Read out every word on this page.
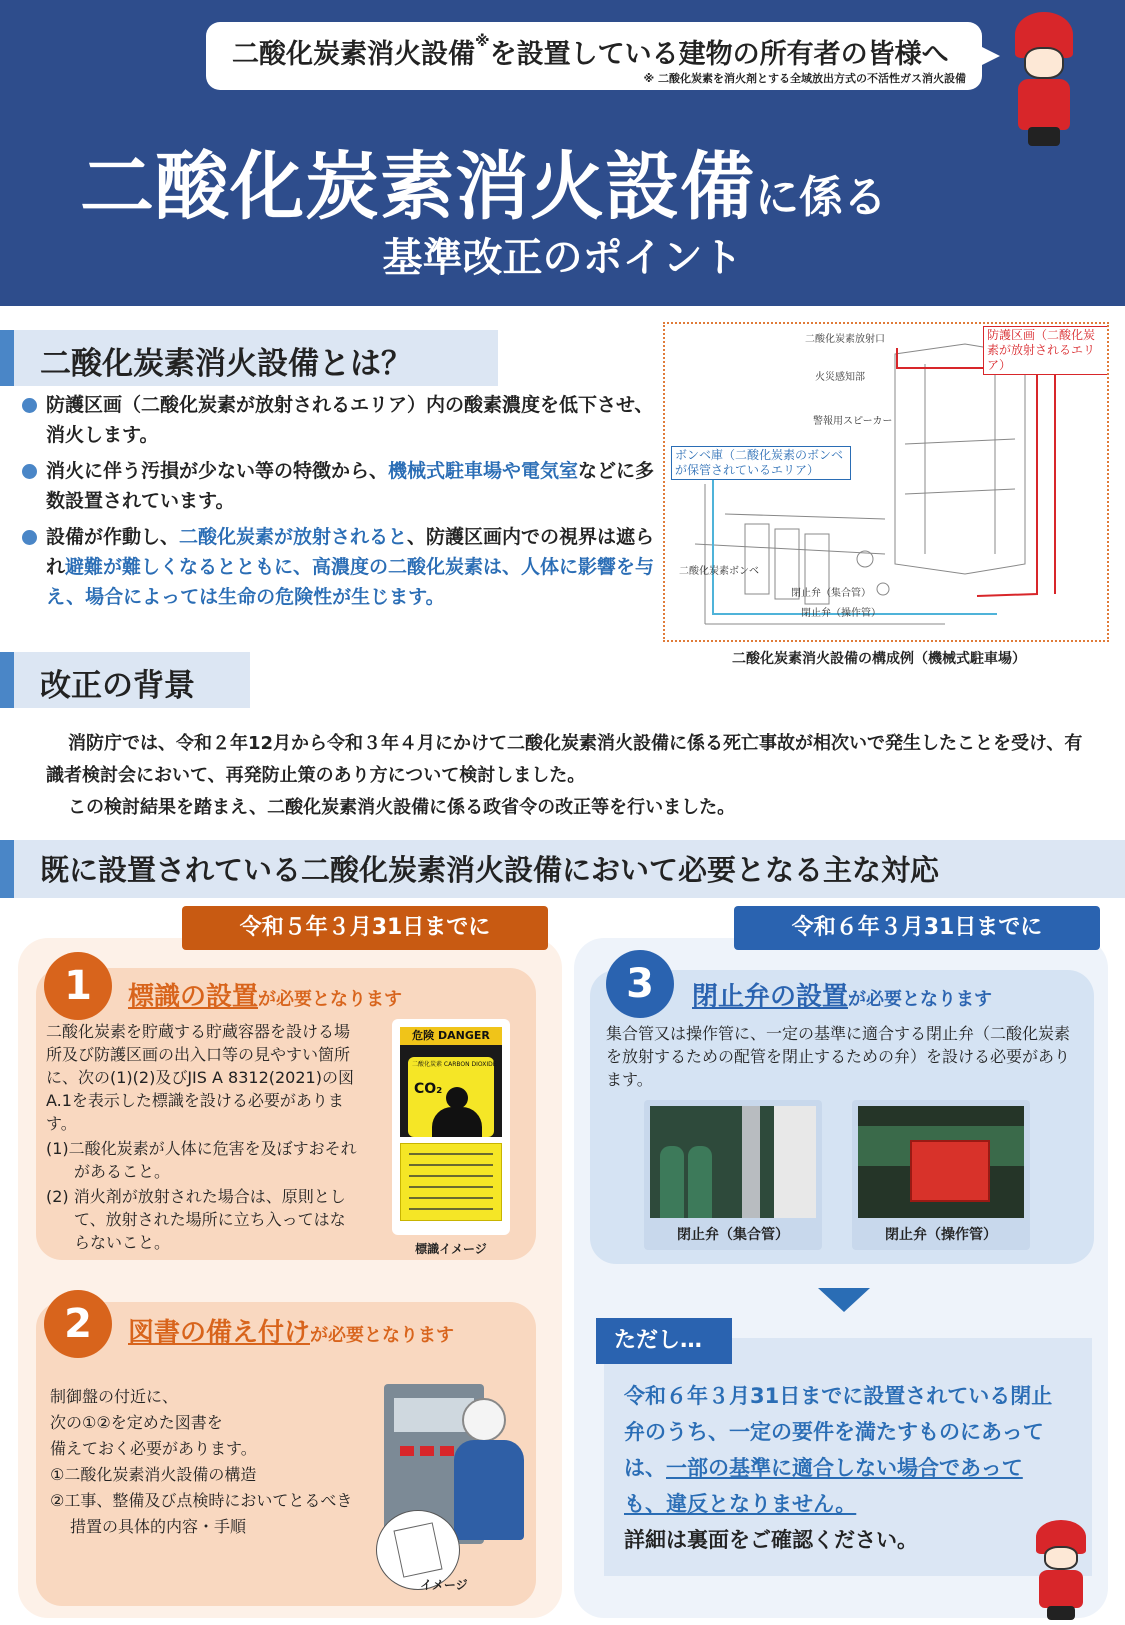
二酸化炭素消火設備※を設置している建物の所有者の皆様へ
※ 二酸化炭素を消火剤とする全域放出方式の不活性ガス消火設備
二酸化炭素消火設備に係る
基準改正のポイント
二酸化炭素消火設備とは？
防護区画（二酸化炭素が放射されるエリア）内の酸素濃度を低下させ、消火します。
消火に伴う汚損が少ない等の特徴から、機械式駐車場や電気室などに多数設置されています。
設備が作動し、二酸化炭素が放射されると、防護区画内での視界は遮られ避難が難しくなるとともに、高濃度の二酸化炭素は、人体に影響を与え、場合によっては生命の危険性が生じます。
二酸化炭素放射口
火災感知部
警報用スピーカー
二酸化炭素ボンベ
閉止弁（集合管）
閉止弁（操作管）
防護区画（二酸化炭素が放射されるエリア）
ボンベ庫（二酸化炭素のボンベが保管されているエリア）
二酸化炭素消火設備の構成例（機械式駐車場）
改正の背景

消防庁では、令和２年12月から令和３年４月にかけて二酸化炭素消火設備に係る死亡事故が相次いで発生したことを受け、有識者検討会において、再発防止策のあり方について検討しました。

この検討結果を踏まえ、二酸化炭素消火設備に係る政省令の改正等を行いました。

既に設置されている二酸化炭素消火設備において必要となる主な対応
令和５年３月31日までに	令和６年３月31日までに
1	標識の設置が必要となります
二酸化炭素を貯蔵する貯蔵容器を設ける場所及び防護区画の出入口等の見やすい箇所に、次の(1)(2)及びJIS A 8312(2021)の図A.1を表示した標識を設ける必要があります。
(1)二酸化炭素が人体に危害を及ぼすおそれがあること。
(2) 消火剤が放射された場合は、原則として、放射された場所に立ち入ってはならないこと。
危険 DANGER
二酸化炭素 CARBON DIOXIDE
CO₂
標識イメージ
2	図書の備え付けが必要となります
制御盤の付近に、
次の①②を定めた図書を
備えておく必要があります。
①二酸化炭素消火設備の構造
②工事、整備及び点検時においてとるべき措置の具体的内容・手順
イメージ
3	閉止弁の設置が必要となります
集合管又は操作管に、一定の基準に適合する閉止弁（二酸化炭素を放射するための配管を閉止するための弁）を設ける必要があります。
閉止弁（集合管）	閉止弁（操作管）
ただし…
令和６年３月31日までに設置されている閉止弁のうち、一定の要件を満たすものにあっては、一部の基準に適合しない場合であっても、違反となりません。
詳細は裏面をご確認ください。
